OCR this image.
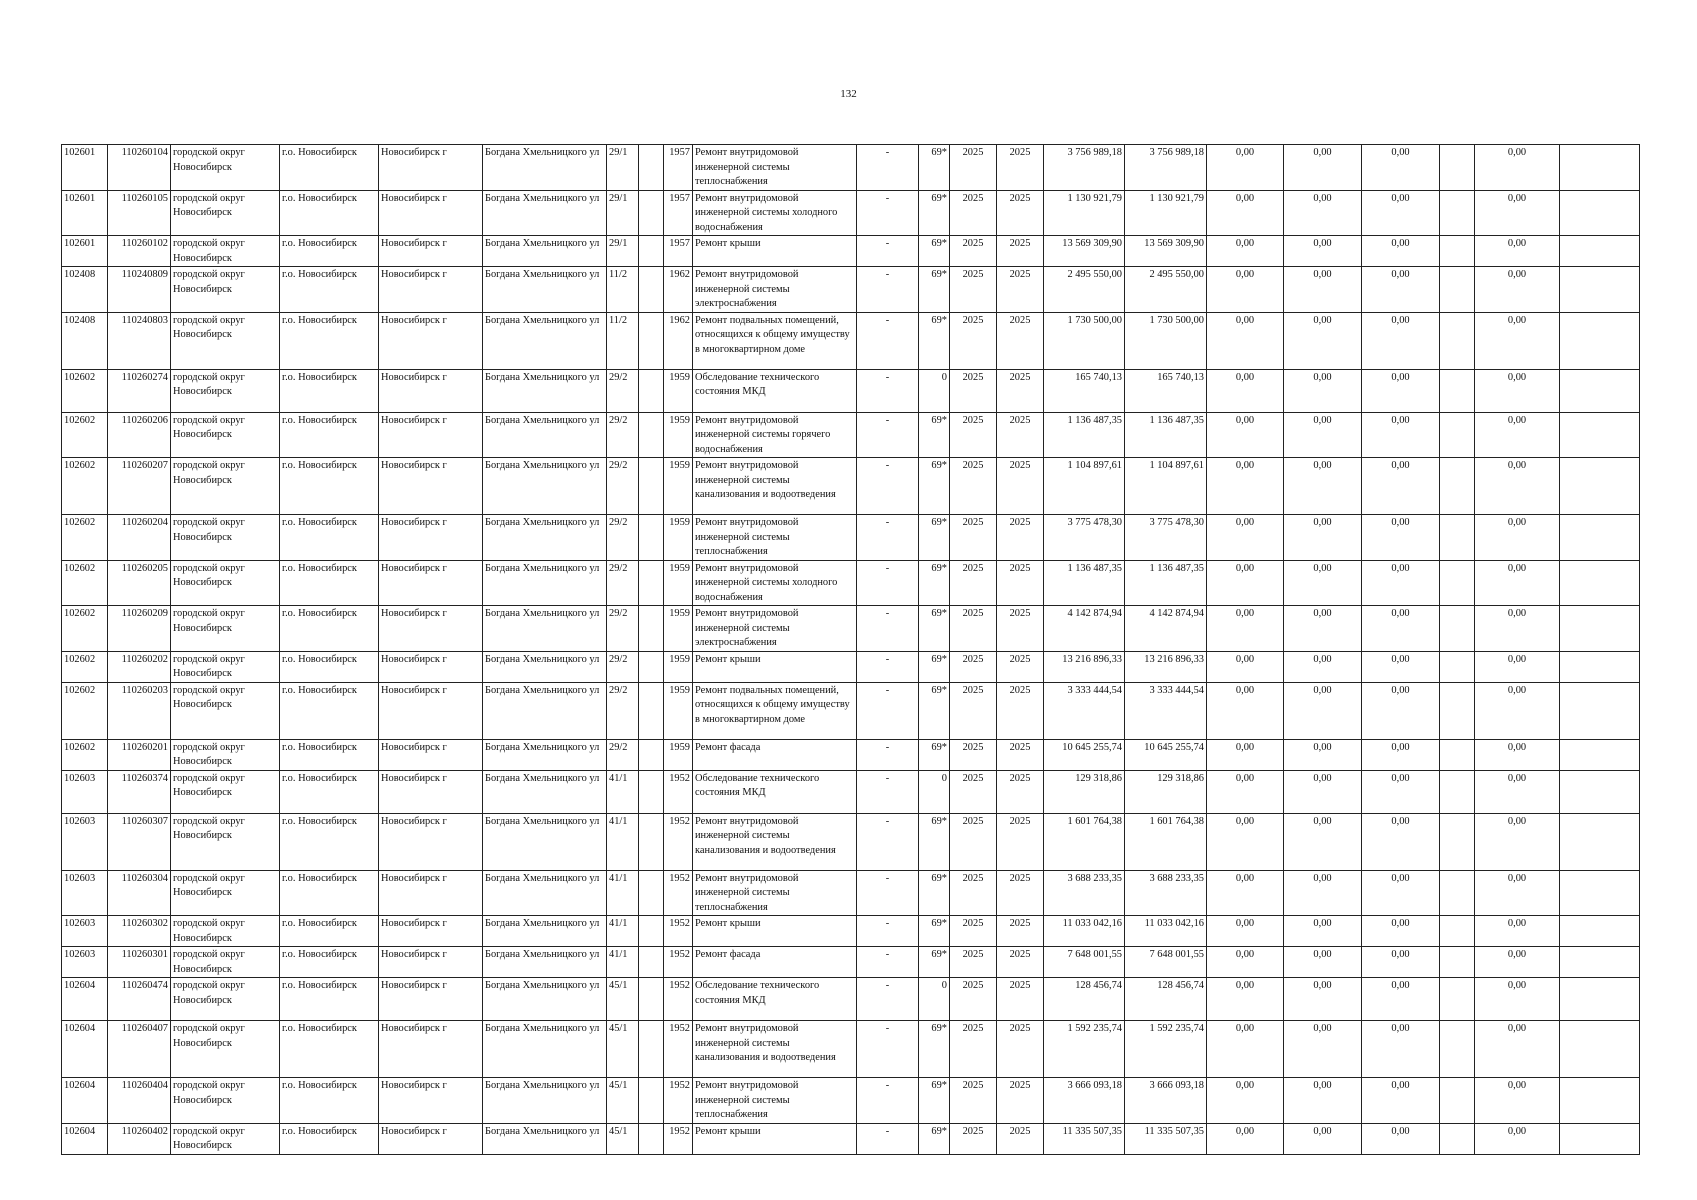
132
102601	110260104	городской округ Новосибирск	г.о. Новосибирск	Новосибирск г	Богдана Хмельницкого ул	29/1		1957	Ремонт внутридомовой инженерной системы теплоснабжения	-	69*	2025	2025	3 756 989,18	3 756 989,18	0,00	0,00	0,00		0,00	
102601	110260105	городской округ Новосибирск	г.о. Новосибирск	Новосибирск г	Богдана Хмельницкого ул	29/1		1957	Ремонт внутридомовой инженерной системы холодного водоснабжения	-	69*	2025	2025	1 130 921,79	1 130 921,79	0,00	0,00	0,00		0,00	
102601	110260102	городской округ Новосибирск	г.о. Новосибирск	Новосибирск г	Богдана Хмельницкого ул	29/1		1957	Ремонт крыши	-	69*	2025	2025	13 569 309,90	13 569 309,90	0,00	0,00	0,00		0,00	
102408	110240809	городской округ Новосибирск	г.о. Новосибирск	Новосибирск г	Богдана Хмельницкого ул	11/2		1962	Ремонт внутридомовой инженерной системы электроснабжения	-	69*	2025	2025	2 495 550,00	2 495 550,00	0,00	0,00	0,00		0,00	
102408	110240803	городской округ Новосибирск	г.о. Новосибирск	Новосибирск г	Богдана Хмельницкого ул	11/2		1962	Ремонт подвальных помещений, относящихся к общему имуществу в многоквартирном доме	-	69*	2025	2025	1 730 500,00	1 730 500,00	0,00	0,00	0,00		0,00	
102602	110260274	городской округ Новосибирск	г.о. Новосибирск	Новосибирск г	Богдана Хмельницкого ул	29/2		1959	Обследование технического состояния МКД	-	0	2025	2025	165 740,13	165 740,13	0,00	0,00	0,00		0,00	
102602	110260206	городской округ Новосибирск	г.о. Новосибирск	Новосибирск г	Богдана Хмельницкого ул	29/2		1959	Ремонт внутридомовой инженерной системы горячего водоснабжения	-	69*	2025	2025	1 136 487,35	1 136 487,35	0,00	0,00	0,00		0,00	
102602	110260207	городской округ Новосибирск	г.о. Новосибирск	Новосибирск г	Богдана Хмельницкого ул	29/2		1959	Ремонт внутридомовой инженерной системы канализования и водоотведения	-	69*	2025	2025	1 104 897,61	1 104 897,61	0,00	0,00	0,00		0,00	
102602	110260204	городской округ Новосибирск	г.о. Новосибирск	Новосибирск г	Богдана Хмельницкого ул	29/2		1959	Ремонт внутридомовой инженерной системы теплоснабжения	-	69*	2025	2025	3 775 478,30	3 775 478,30	0,00	0,00	0,00		0,00	
102602	110260205	городской округ Новосибирск	г.о. Новосибирск	Новосибирск г	Богдана Хмельницкого ул	29/2		1959	Ремонт внутридомовой инженерной системы холодного водоснабжения	-	69*	2025	2025	1 136 487,35	1 136 487,35	0,00	0,00	0,00		0,00	
102602	110260209	городской округ Новосибирск	г.о. Новосибирск	Новосибирск г	Богдана Хмельницкого ул	29/2		1959	Ремонт внутридомовой инженерной системы электроснабжения	-	69*	2025	2025	4 142 874,94	4 142 874,94	0,00	0,00	0,00		0,00	
102602	110260202	городской округ Новосибирск	г.о. Новосибирск	Новосибирск г	Богдана Хмельницкого ул	29/2		1959	Ремонт крыши	-	69*	2025	2025	13 216 896,33	13 216 896,33	0,00	0,00	0,00		0,00	
102602	110260203	городской округ Новосибирск	г.о. Новосибирск	Новосибирск г	Богдана Хмельницкого ул	29/2		1959	Ремонт подвальных помещений, относящихся к общему имуществу в многоквартирном доме	-	69*	2025	2025	3 333 444,54	3 333 444,54	0,00	0,00	0,00		0,00	
102602	110260201	городской округ Новосибирск	г.о. Новосибирск	Новосибирск г	Богдана Хмельницкого ул	29/2		1959	Ремонт фасада	-	69*	2025	2025	10 645 255,74	10 645 255,74	0,00	0,00	0,00		0,00	
102603	110260374	городской округ Новосибирск	г.о. Новосибирск	Новосибирск г	Богдана Хмельницкого ул	41/1		1952	Обследование технического состояния МКД	-	0	2025	2025	129 318,86	129 318,86	0,00	0,00	0,00		0,00	
102603	110260307	городской округ Новосибирск	г.о. Новосибирск	Новосибирск г	Богдана Хмельницкого ул	41/1		1952	Ремонт внутридомовой инженерной системы канализования и водоотведения	-	69*	2025	2025	1 601 764,38	1 601 764,38	0,00	0,00	0,00		0,00	
102603	110260304	городской округ Новосибирск	г.о. Новосибирск	Новосибирск г	Богдана Хмельницкого ул	41/1		1952	Ремонт внутридомовой инженерной системы теплоснабжения	-	69*	2025	2025	3 688 233,35	3 688 233,35	0,00	0,00	0,00		0,00	
102603	110260302	городской округ Новосибирск	г.о. Новосибирск	Новосибирск г	Богдана Хмельницкого ул	41/1		1952	Ремонт крыши	-	69*	2025	2025	11 033 042,16	11 033 042,16	0,00	0,00	0,00		0,00	
102603	110260301	городской округ Новосибирск	г.о. Новосибирск	Новосибирск г	Богдана Хмельницкого ул	41/1		1952	Ремонт фасада	-	69*	2025	2025	7 648 001,55	7 648 001,55	0,00	0,00	0,00		0,00	
102604	110260474	городской округ Новосибирск	г.о. Новосибирск	Новосибирск г	Богдана Хмельницкого ул	45/1		1952	Обследование технического состояния МКД	-	0	2025	2025	128 456,74	128 456,74	0,00	0,00	0,00		0,00	
102604	110260407	городской округ Новосибирск	г.о. Новосибирск	Новосибирск г	Богдана Хмельницкого ул	45/1		1952	Ремонт внутридомовой инженерной системы канализования и водоотведения	-	69*	2025	2025	1 592 235,74	1 592 235,74	0,00	0,00	0,00		0,00	
102604	110260404	городской округ Новосибирск	г.о. Новосибирск	Новосибирск г	Богдана Хмельницкого ул	45/1		1952	Ремонт внутридомовой инженерной системы теплоснабжения	-	69*	2025	2025	3 666 093,18	3 666 093,18	0,00	0,00	0,00		0,00	
102604	110260402	городской округ Новосибирск	г.о. Новосибирск	Новосибирск г	Богдана Хмельницкого ул	45/1		1952	Ремонт крыши	-	69*	2025	2025	11 335 507,35	11 335 507,35	0,00	0,00	0,00		0,00	
